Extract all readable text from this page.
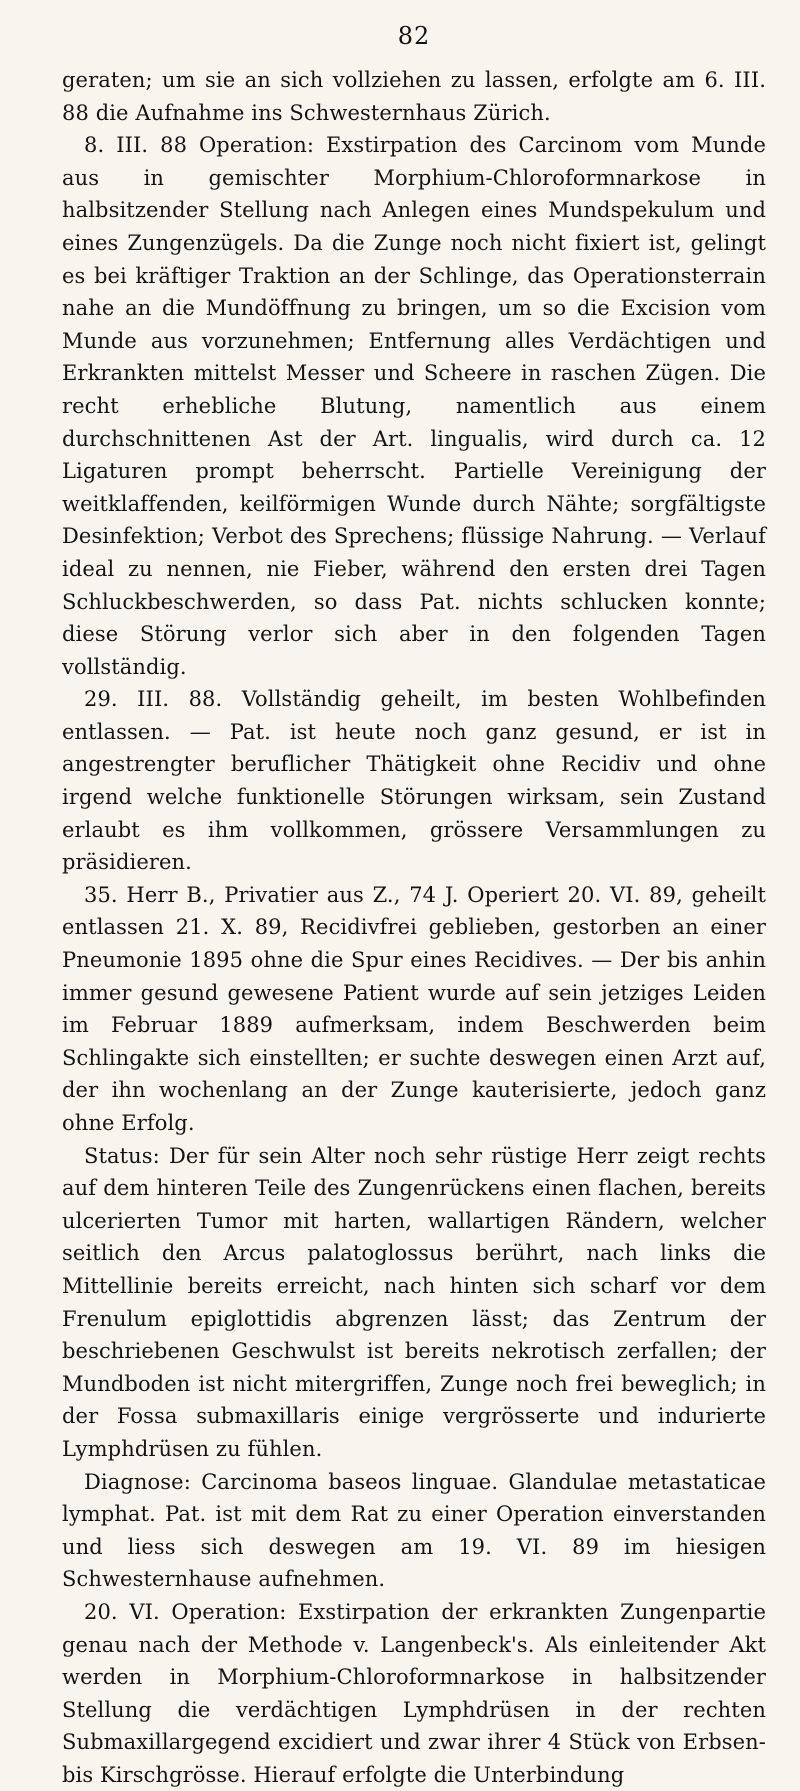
82

geraten; um sie an sich vollziehen zu lassen, erfolgte am 6. III. 88 die Aufnahme ins Schwesternhaus Zürich.

8. III. 88 Operation: Exstirpation des Carcinom vom Munde aus in gemischter Morphium-Chloroformnarkose in halbsitzender Stellung nach Anlegen eines Mundspekulum und eines Zungenzügels. Da die Zunge noch nicht fixiert ist, gelingt es bei kräftiger Traktion an der Schlinge, das Operationsterrain nahe an die Mundöffnung zu bringen, um so die Excision vom Munde aus vorzunehmen; Entfernung alles Verdächtigen und Erkrankten mittelst Messer und Scheere in raschen Zügen. Die recht erhebliche Blutung, namentlich aus einem durchschnittenen Ast der Art. lingualis, wird durch ca. 12 Ligaturen prompt beherrscht. Partielle Vereinigung der weitklaffenden, keilförmigen Wunde durch Nähte; sorgfältigste Desinfektion; Verbot des Sprechens; flüssige Nahrung. — Verlauf ideal zu nennen, nie Fieber, während den ersten drei Tagen Schluckbeschwerden, so dass Pat. nichts schlucken konnte; diese Störung verlor sich aber in den folgenden Tagen vollständig.

29. III. 88. Vollständig geheilt, im besten Wohlbefinden entlassen. — Pat. ist heute noch ganz gesund, er ist in angestrengter beruflicher Thätigkeit ohne Recidiv und ohne irgend welche funktionelle Störungen wirksam, sein Zustand erlaubt es ihm vollkommen, grössere Versammlungen zu präsidieren.

35. Herr B., Privatier aus Z., 74 J. Operiert 20. VI. 89, geheilt entlassen 21. X. 89, Recidivfrei geblieben, gestorben an einer Pneumonie 1895 ohne die Spur eines Recidives. — Der bis anhin immer gesund gewesene Patient wurde auf sein jetziges Leiden im Februar 1889 aufmerksam, indem Beschwerden beim Schlingakte sich einstellten; er suchte deswegen einen Arzt auf, der ihn wochenlang an der Zunge kauterisierte, jedoch ganz ohne Erfolg.

Status: Der für sein Alter noch sehr rüstige Herr zeigt rechts auf dem hinteren Teile des Zungenrückens einen flachen, bereits ulcerierten Tumor mit harten, wallartigen Rändern, welcher seitlich den Arcus palatoglossus berührt, nach links die Mittellinie bereits erreicht, nach hinten sich scharf vor dem Frenulum epiglottidis abgrenzen lässt; das Zentrum der beschriebenen Geschwulst ist bereits nekrotisch zerfallen; der Mundboden ist nicht mitergriffen, Zunge noch frei beweglich; in der Fossa submaxillaris einige vergrösserte und indurierte Lymphdrüsen zu fühlen.

Diagnose: Carcinoma baseos linguae. Glandulae metastaticae lymphat. Pat. ist mit dem Rat zu einer Operation einverstanden und liess sich deswegen am 19. VI. 89 im hiesigen Schwesternhause aufnehmen.

20. VI. Operation: Exstirpation der erkrankten Zungenpartie genau nach der Methode v. Langenbeck's. Als einleitender Akt werden in Morphium-Chloroformnarkose in halbsitzender Stellung die verdächtigen Lymphdrüsen in der rechten Submaxillargegend excidiert und zwar ihrer 4 Stück von Erbsen- bis Kirschgrösse. Hierauf erfolgte die Unterbindung
